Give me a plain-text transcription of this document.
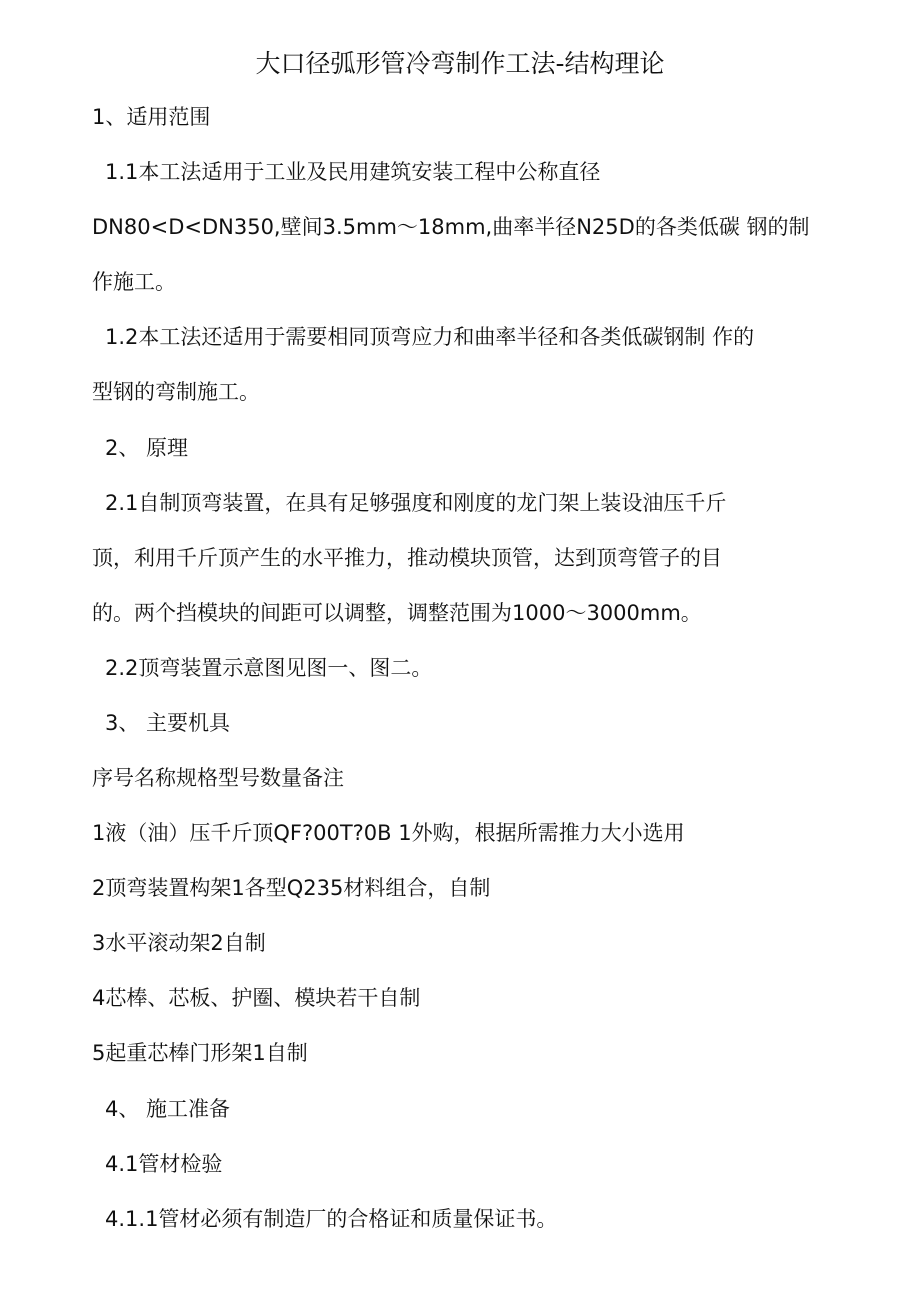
大口径弧形管冷弯制作工法-结构理论
1、适用范围
1.1本工法适用于工业及民用建筑安装工程中公称直径
DN80<D<DN350,壁间3.5mm～18mm,曲率半径N25D的各类低碳 钢的制
作施工。
1.2本工法还适用于需要相同顶弯应力和曲率半径和各类低碳钢制 作的
型钢的弯制施工。
2、 原理
2.1自制顶弯装置，在具有足够强度和刚度的龙门架上装设油压千斤
顶，利用千斤顶产生的水平推力，推动模块顶管，达到顶弯管子的目
的。两个挡模块的间距可以调整，调整范围为1000～3000mm。
2.2顶弯装置示意图见图一、图二。
3、 主要机具
序号名称规格型号数量备注
1液（油）压千斤顶QF?00T?0B 1外购，根据所需推力大小选用
2顶弯装置构架1各型Q235材料组合，自制
3水平滚动架2自制
4芯棒、芯板、护圈、模块若干自制
5起重芯棒门形架1自制
4、 施工准备
4.1管材检验
4.1.1管材必须有制造厂的合格证和质量保证书。
